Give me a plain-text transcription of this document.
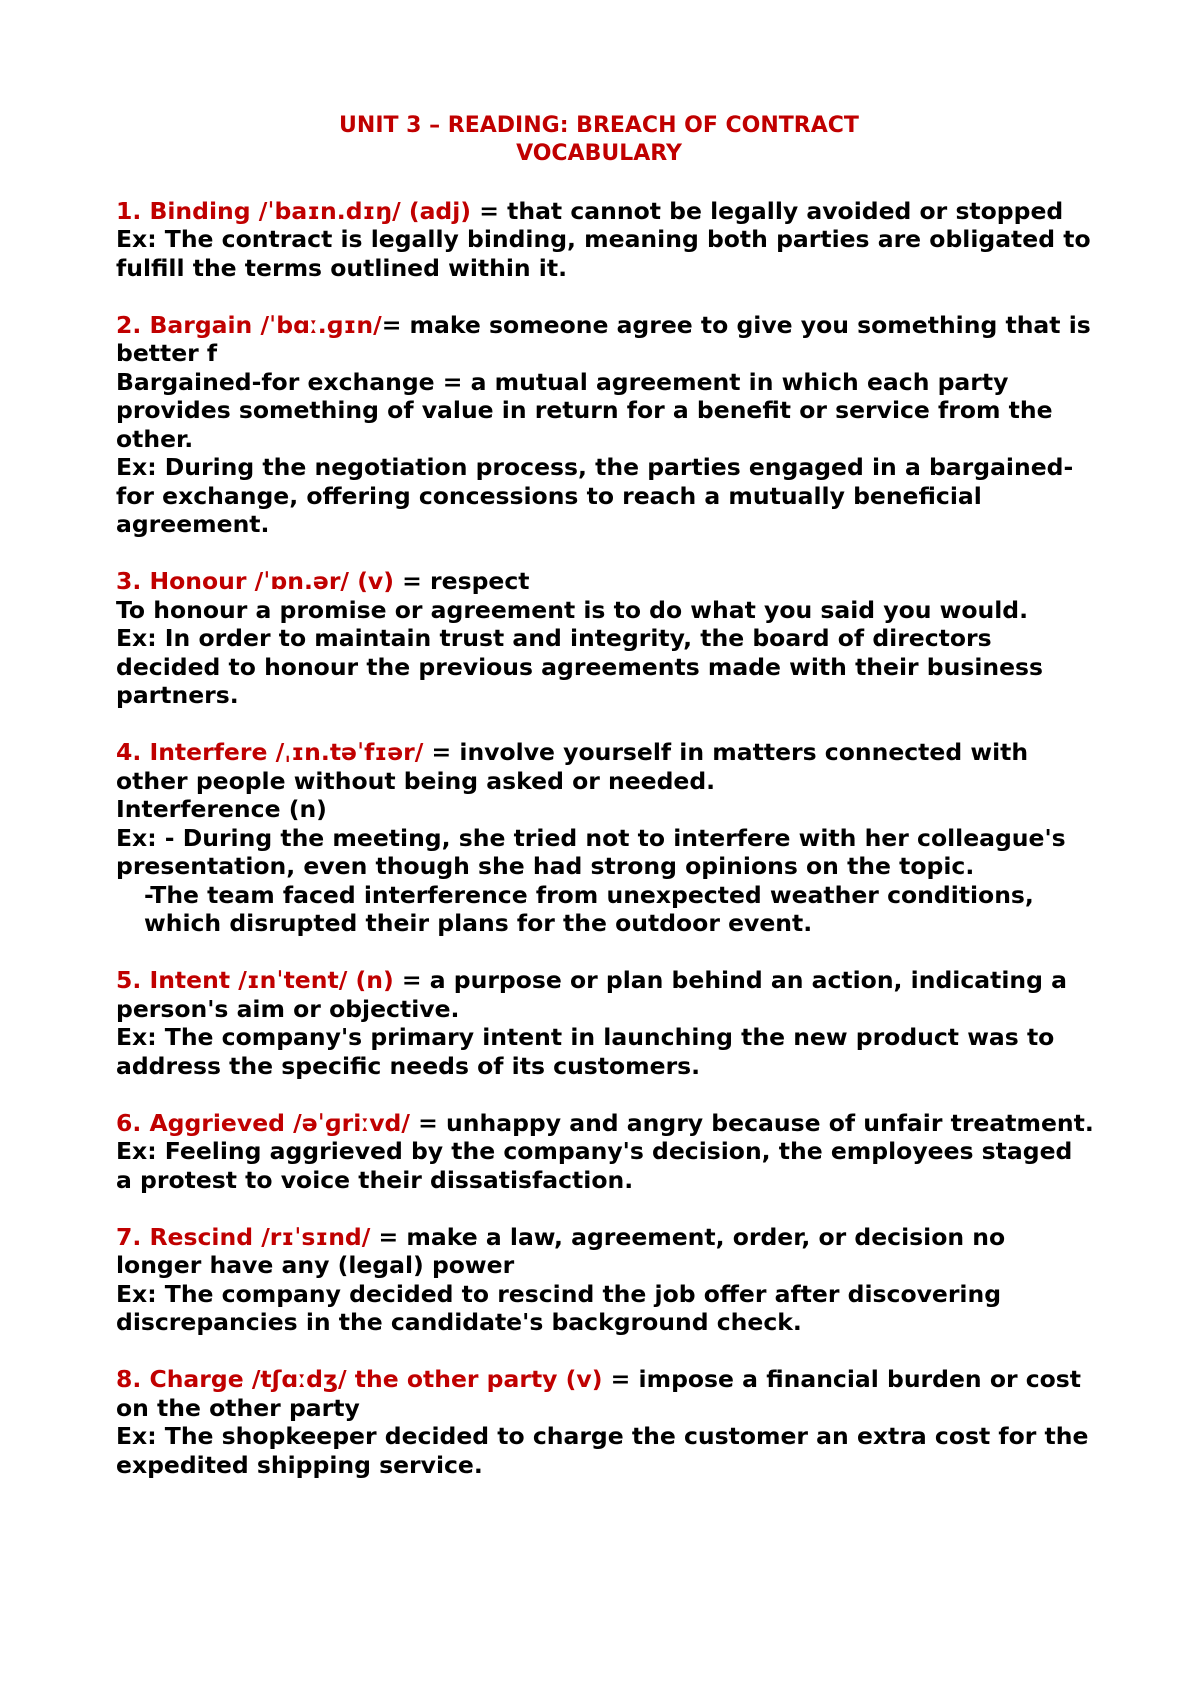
UNIT 3 – READING: BREACH OF CONTRACT

VOCABULARY

1. Binding /ˈbaɪn.dɪŋ/ (adj) = that cannot be legally avoided or stopped

Ex: The contract is legally binding, meaning both parties are obligated to fulfill the terms outlined within it.

2. Bargain /ˈbɑː.ɡɪn/= make someone agree to give you something that is better f

Bargained-for exchange = a mutual agreement in which each party provides something of value in return for a benefit or service from the other.

Ex: During the negotiation process, the parties engaged in a bargained-for exchange, offering concessions to reach a mutually beneficial agreement.

3. Honour /ˈɒn.ər/ (v) = respect

To honour a promise or agreement is to do what you said you would.

Ex: In order to maintain trust and integrity, the board of directors decided to honour the previous agreements made with their business partners.

4. Interfere /ˌɪn.təˈfɪər/ = involve yourself in matters connected with other people without being asked or needed.

Interference (n)

Ex: - During the meeting, she tried not to interfere with her colleague's presentation, even though she had strong opinions on the topic.

-The team faced interference from unexpected weather conditions, which disrupted their plans for the outdoor event.

5. Intent /ɪnˈtent/ (n) = a purpose or plan behind an action, indicating a person's aim or objective.

Ex: The company's primary intent in launching the new product was to address the specific needs of its customers.

6. Aggrieved /əˈɡriːvd/ = unhappy and angry because of unfair treatment.

Ex: Feeling aggrieved by the company's decision, the employees staged a protest to voice their dissatisfaction.

7. Rescind /rɪˈsɪnd/ = make a law, agreement, order, or decision no longer have any (legal) power

Ex: The company decided to rescind the job offer after discovering discrepancies in the candidate's background check.

8. Charge /tʃɑːdʒ/ the other party (v) = impose a financial burden or cost on the other party

Ex: The shopkeeper decided to charge the customer an extra cost for the expedited shipping service.
